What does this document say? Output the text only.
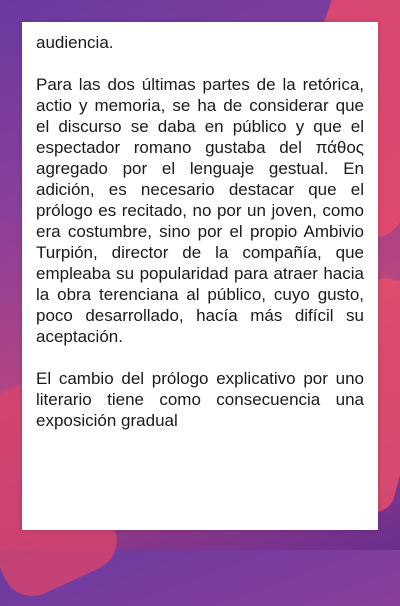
audiencia.

Para las dos últimas partes de la retórica, actio y memoria, se ha de considerar que el discurso se daba en público y que el espectador romano gustaba del πάθος agregado por el lenguaje gestual. En adición, es necesario destacar que el prólogo es recitado, no por un joven, como era costumbre, sino por el propio Ambivio Turpión, director de la compañía, que empleaba su popularidad para atraer hacia la obra terenciana al público, cuyo gusto, poco desarrollado, hacía más difícil su aceptación.

El cambio del prólogo explicativo por uno literario tiene como consecuencia una exposición gradual
